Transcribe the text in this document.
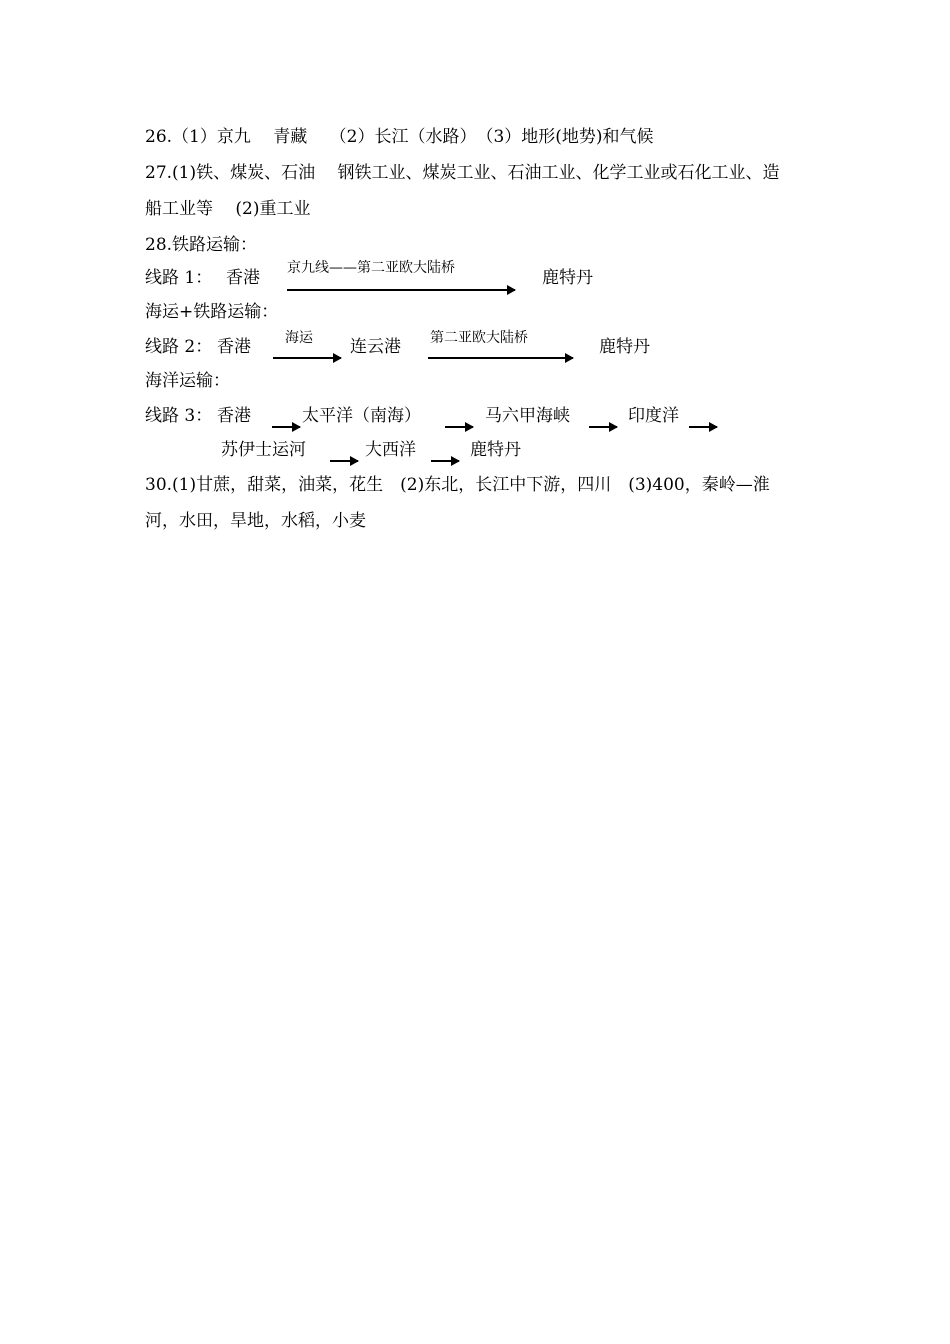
26.（1）京九　 青藏　 （2）长江（水路）　（3）地形(地势)和气候
27.(1)铁、煤炭、石油　 钢铁工业、煤炭工业、石油工业、化学工业或石化工业、造
船工业等　 (2)重工业
28.铁路运输：
线路 1： 香港 京九线——第二亚欧大陆桥	鹿特丹
海运+铁路运输：
线路 2： 香港 海运 连云港 第二亚欧大陆桥	鹿特丹
海洋运输：
线路 3： 香港	太平洋（南海）	马六甲海峡	印度洋
苏伊士运河	大西洋	鹿特丹
30.(1)甘蔗，甜菜，油菜，花生　(2)东北，长江中下游，四川　(3)400，秦岭—淮
河，水田，旱地，水稻，小麦
